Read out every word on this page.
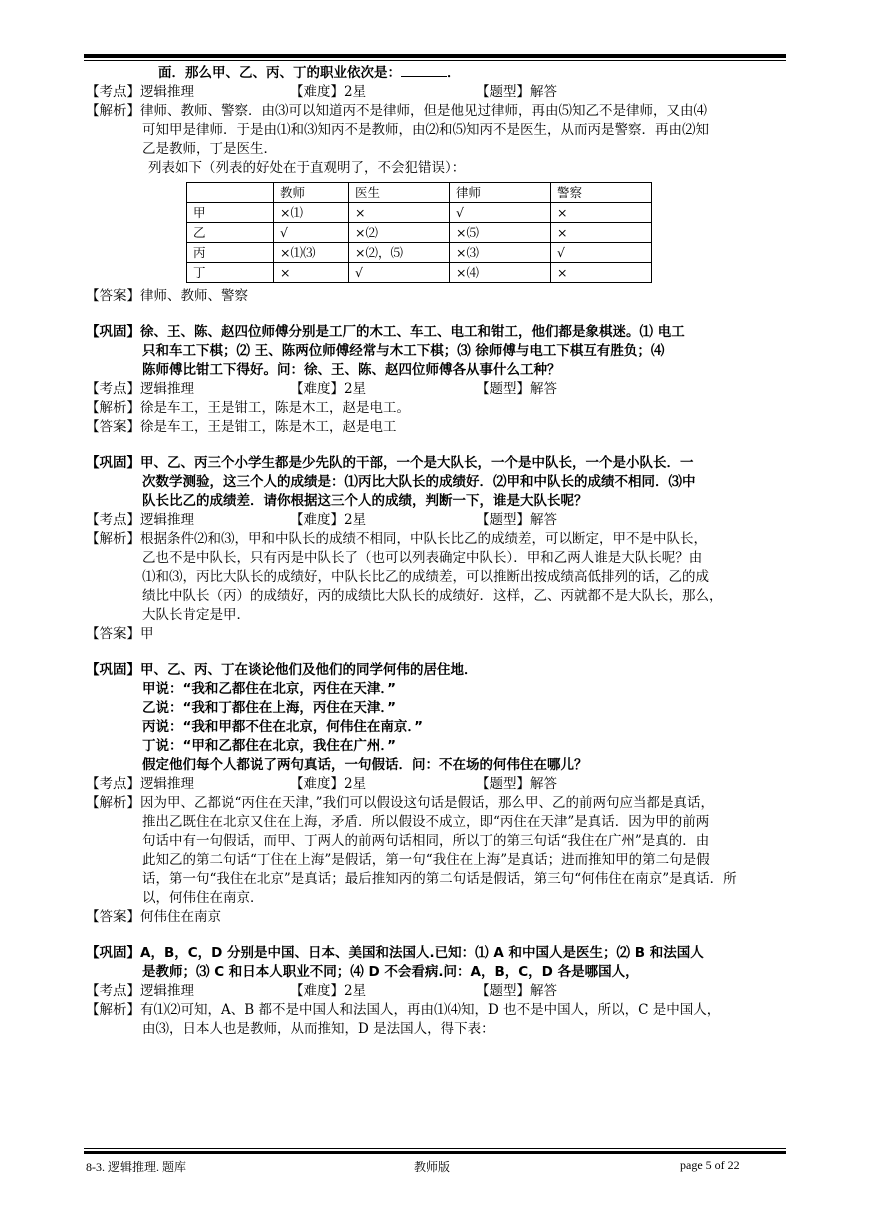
面．那么甲、乙、丙、丁的职业依次是：	．
【考点】逻辑推理	【难度】2星	【题型】解答
【解析】律师、教师、警察．由⑶可以知道丙不是律师，但是他见过律师，再由⑸知乙不是律师，又由⑷
可知甲是律师．于是由⑴和⑶知丙不是教师，由⑵和⑸知丙不是医生，从而丙是警察．再由⑵知
乙是教师，丁是医生．
列表如下（列表的好处在于直观明了，不会犯错误）：
	教师	医生	律师	警察
甲	×⑴	×	√	×
乙	√	×⑵	×⑸	×
丙	×⑴⑶	×⑵，⑸	×⑶	√
丁	×	√	×⑷	×
【答案】律师、教师、警察
【巩固】徐、王、陈、赵四位师傅分别是工厂的木工、车工、电工和钳工，他们都是象棋迷。⑴ 电工
只和车工下棋；⑵ 王、陈两位师傅经常与木工下棋；⑶ 徐师傅与电工下棋互有胜负；⑷
陈师傅比钳工下得好。问：徐、王、陈、赵四位师傅各从事什么工种？
【考点】逻辑推理	【难度】2星	【题型】解答
【解析】徐是车工，王是钳工，陈是木工，赵是电工。
【答案】徐是车工，王是钳工，陈是木工，赵是电工
【巩固】甲、乙、丙三个小学生都是少先队的干部，一个是大队长，一个是中队长，一个是小队长．一
次数学测验，这三个人的成绩是：⑴丙比大队长的成绩好．⑵甲和中队长的成绩不相同．⑶中
队长比乙的成绩差．请你根据这三个人的成绩，判断一下，谁是大队长呢？
【考点】逻辑推理	【难度】2星	【题型】解答
【解析】根据条件⑵和⑶，甲和中队长的成绩不相同，中队长比乙的成绩差，可以断定，甲不是中队长，
乙也不是中队长，只有丙是中队长了（也可以列表确定中队长）．甲和乙两人谁是大队长呢？由
⑴和⑶，丙比大队长的成绩好，中队长比乙的成绩差，可以推断出按成绩高低排列的话，乙的成
绩比中队长（丙）的成绩好，丙的成绩比大队长的成绩好．这样，乙、丙就都不是大队长，那么，
大队长肯定是甲．
【答案】甲
【巩固】甲、乙、丙、丁在谈论他们及他们的同学何伟的居住地．
甲说：“我和乙都住在北京，丙住在天津．”
乙说：“我和丁都住在上海，丙住在天津．”
丙说：“我和甲都不住在北京，何伟住在南京．”
丁说：“甲和乙都住在北京，我住在广州．”
假定他们每个人都说了两句真话，一句假话．问：不在场的何伟住在哪儿？
【考点】逻辑推理	【难度】2星	【题型】解答
【解析】因为甲、乙都说“丙住在天津，”我们可以假设这句话是假话，那么甲、乙的前两句应当都是真话，
推出乙既住在北京又住在上海，矛盾．所以假设不成立，即“丙住在天津”是真话．因为甲的前两
句话中有一句假话，而甲、丁两人的前两句话相同，所以丁的第三句话“我住在广州”是真的．由
此知乙的第二句话“丁住在上海”是假话，第一句“我住在上海”是真话；进而推知甲的第二句是假
话，第一句“我住在北京”是真话；最后推知丙的第二句话是假话，第三句“何伟住在南京”是真话．所
以，何伟住在南京．
【答案】何伟住在南京
【巩固】A，B，C，D 分别是中国、日本、美国和法国人.已知：⑴ A 和中国人是医生；⑵ B 和法国人
是教师；⑶ C 和日本人职业不同；⑷ D 不会看病.问：A，B，C，D 各是哪国人，
【考点】逻辑推理	【难度】2星	【题型】解答
【解析】有⑴⑵可知，A、B 都不是中国人和法国人，再由⑴⑷知，D 也不是中国人，所以，C 是中国人，
由⑶，日本人也是教师，从而推知，D 是法国人，得下表：
8-3. 逻辑推理. 题库	教师版	page 5 of 22
